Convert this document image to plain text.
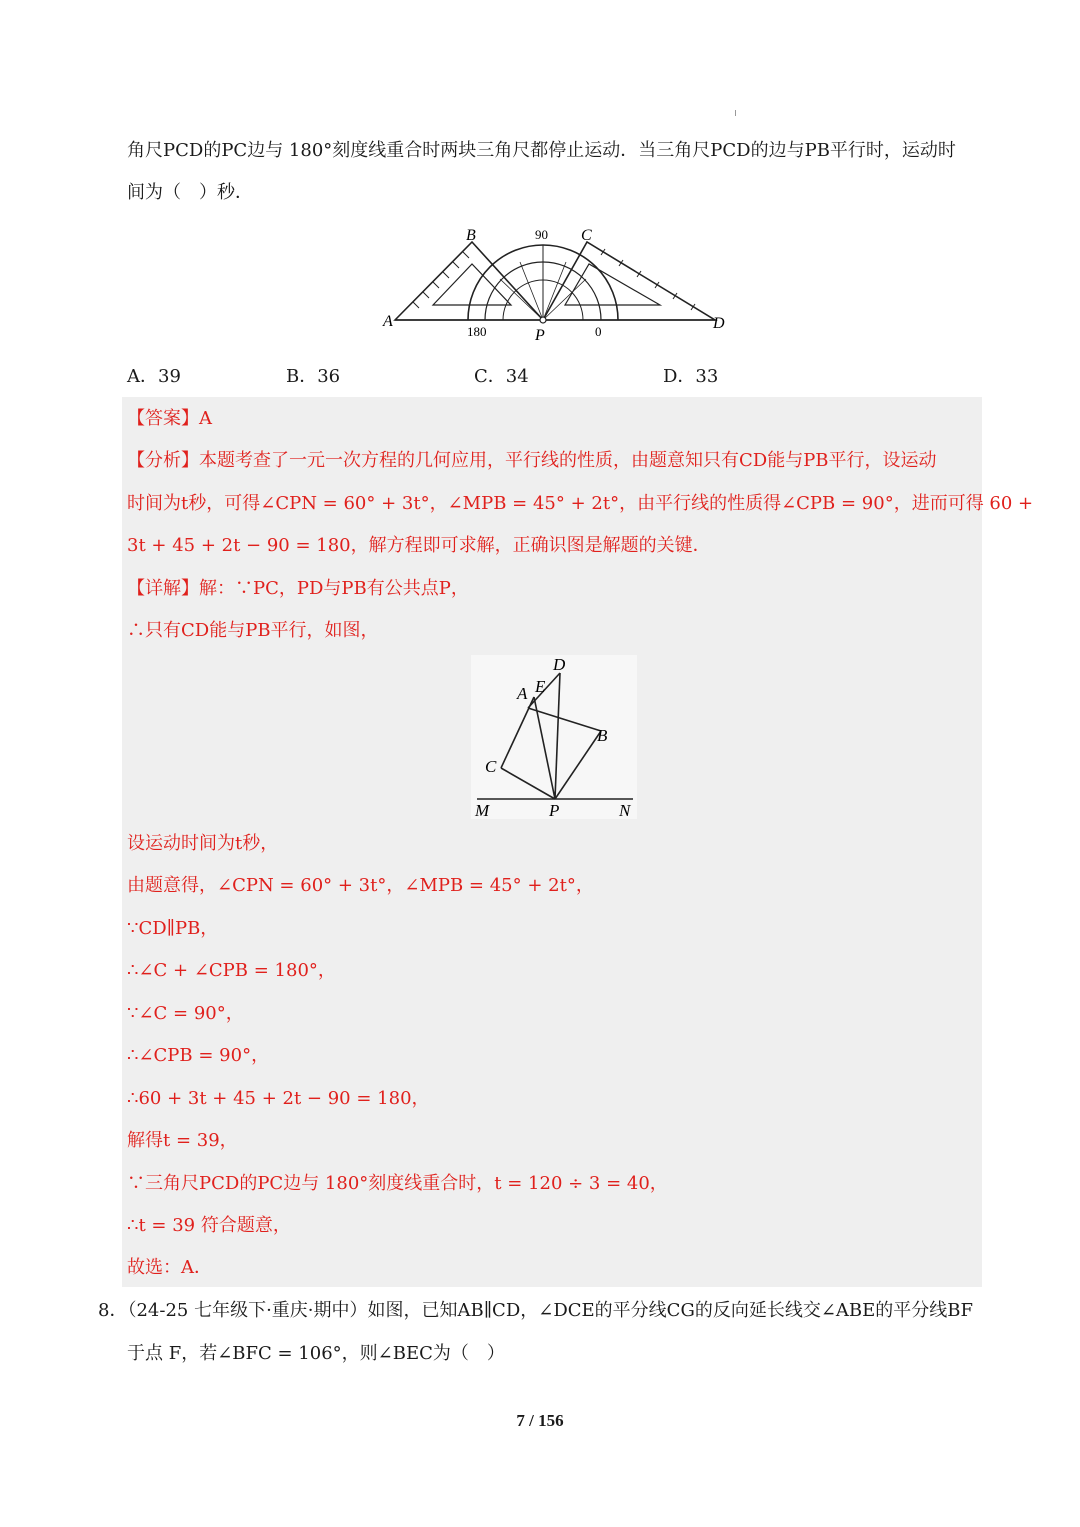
角尺PCD的PC边与 180°刻度线重合时两块三角尺都停止运动．当三角尺PCD的边与PB平行时，运动时
间为（　）秒．
A
B	C
D
P
90
180	0
A．39	B．36	C．34	D．33
【答案】A
【分析】本题考查了一元一次方程的几何应用，平行线的性质，由题意知只有CD能与PB平行，设运动
时间为t秒，可得∠CPN = 60° + 3t°，∠MPB = 45° + 2t°，由平行线的性质得∠CPB = 90°，进而可得 60 +
3t + 45 + 2t − 90 = 180，解方程即可求解，正确识图是解题的关键．
【详解】解：∵PC，PD与PB有公共点P，
∴只有CD能与PB平行，如图，
D
E
A
B
C
M	P	N
设运动时间为t秒，
由题意得，∠CPN = 60° + 3t°，∠MPB = 45° + 2t°，
∵CD∥PB，
∴∠C + ∠CPB = 180°，
∵∠C = 90°，
∴∠CPB = 90°，
∴60 + 3t + 45 + 2t − 90 = 180，
解得t = 39，
∵三角尺PCD的PC边与 180°刻度线重合时，t = 120 ÷ 3 = 40，
∴t = 39 符合题意，
故选：A．
8．（24-25 七年级下·重庆·期中）如图，已知AB∥CD，∠DCE的平分线CG的反向延长线交∠ABE的平分线BF
于点 F，若∠BFC = 106°，则∠BEC为（　）
7 / 156
